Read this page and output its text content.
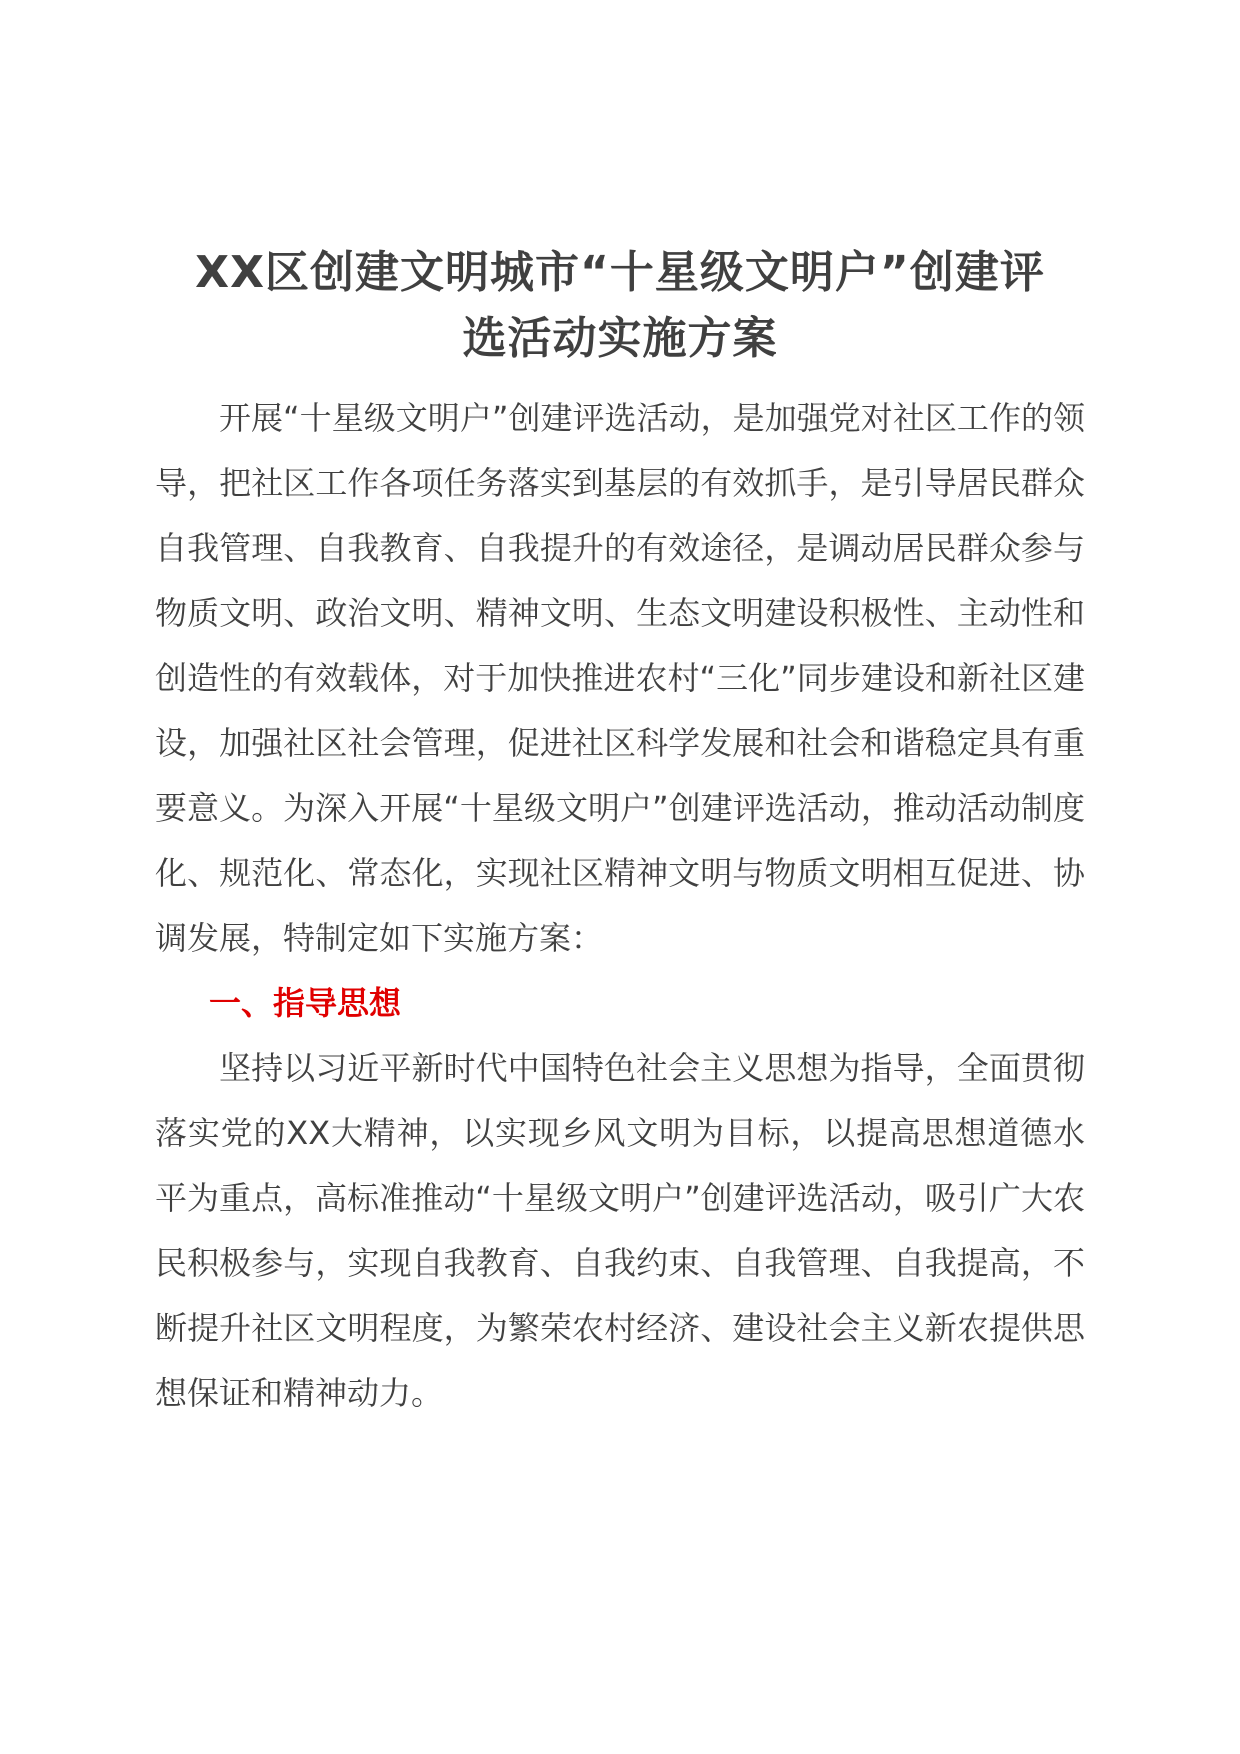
XX区创建文明城市“十星级文明户”创建评
选活动实施方案

开展“十星级文明户”创建评选活动，是加强党对社区工作的领导，把社区工作各项任务落实到基层的有效抓手，是引导居民群众自我管理、自我教育、自我提升的有效途径，是调动居民群众参与物质文明、政治文明、精神文明、生态文明建设积极性、主动性和创造性的有效载体，对于加快推进农村“三化”同步建设和新社区建设，加强社区社会管理，促进社区科学发展和社会和谐稳定具有重要意义。为深入开展“十星级文明户”创建评选活动，推动活动制度化、规范化、常态化，实现社区精神文明与物质文明相互促进、协调发展，特制定如下实施方案：

一、指导思想

坚持以习近平新时代中国特色社会主义思想为指导，全面贯彻落实党的XX大精神，以实现乡风文明为目标，以提高思想道德水平为重点，高标准推动“十星级文明户”创建评选活动，吸引广大农民积极参与，实现自我教育、自我约束、自我管理、自我提高，不断提升社区文明程度，为繁荣农村经济、建设社会主义新农提供思想保证和精神动力。
